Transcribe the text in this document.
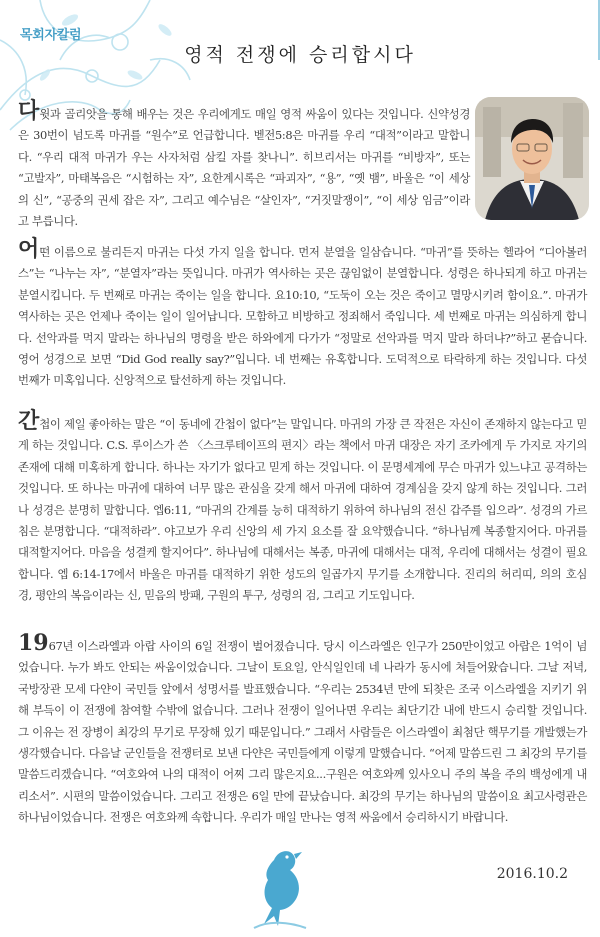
목회자칼럼
영적 전쟁에 승리합시다
다윗과 골리앗을 통해 배우는 것은 우리에게도 매일 영적 싸움이 있다는 것입니다. 신약성경은 30번이 넘도록 마귀를 “원수”로 언급합니다. 벧전5:8은 마귀를 우리 “대적”이라고 말합니다. “우리 대적 마귀가 우는 사자처럼 삼킬 자를 찾나니”. 히브리서는 마귀를 “비방자”, 또는 “고발자”, 마태복음은 “시험하는 자”, 요한계시록은 “파괴자”, “용”, “옛 뱀”, 바울은 “이 세상의 신”, “공중의 권세 잡은 자”, 그리고 예수님은 “살인자”, “거짓말쟁이”, “이 세상 임금”이라고 부릅니다.
어떤 이름으로 불리든지 마귀는 다섯 가지 일을 합니다. 먼저 분열을 일삼습니다. “마귀”를 뜻하는 헬라어 “디아볼러스”는 “나누는 자”, “분열자”라는 뜻입니다. 마귀가 역사하는 곳은 끊임없이 분열합니다. 성령은 하나되게 하고 마귀는 분열시킵니다. 두 번째로 마귀는 죽이는 일을 합니다. 요10:10, “도둑이 오는 것은 죽이고 멸망시키려 함이요.”. 마귀가 역사하는 곳은 언제나 죽이는 일이 일어납니다. 모함하고 비방하고 정죄해서 죽입니다. 세 번째로 마귀는 의심하게 합니다. 선악과를 먹지 말라는 하나님의 명령을 받은 하와에게 다가가 “정말로 선악과를 먹지 말라 하더냐?”하고 묻습니다. 영어 성경으로 보면 “Did God really say?”입니다. 네 번째는 유혹합니다. 도덕적으로 타락하게 하는 것입니다. 다섯 번째가 미혹입니다. 신앙적으로 탈선하게 하는 것입니다.
간첩이 제일 좋아하는 말은 “이 동네에 간첩이 없다”는 말입니다. 마귀의 가장 큰 작전은 자신이 존재하지 않는다고 믿게 하는 것입니다. C.S. 루이스가 쓴 〈스크루테이프의 편지〉라는 책에서 마귀 대장은 자기 조카에게 두 가지로 자기의 존재에 대해 미혹하게 합니다. 하나는 자기가 없다고 믿게 하는 것입니다. 이 문명세계에 무슨 마귀가 있느냐고 공격하는 것입니다. 또 하나는 마귀에 대하여 너무 많은 관심을 갖게 해서 마귀에 대하여 경계심을 갖지 않게 하는 것입니다. 그러나 성경은 분명히 말합니다. 엡6:11, “마귀의 간계를 능히 대적하기 위하여 하나님의 전신 갑주를 입으라”. 성경의 가르침은 분명합니다. “대적하라”. 야고보가 우리 신앙의 세 가지 요소를 잘 요약했습니다. “하나님께 복종할지어다. 마귀를 대적할지어다. 마음을 성결케 할지어다”. 하나님에 대해서는 복종, 마귀에 대해서는 대적, 우리에 대해서는 성결이 필요합니다. 엡 6:14-17에서 바울은 마귀를 대적하기 위한 성도의 일곱가지 무기를 소개합니다. 진리의 허리띠, 의의 호심경, 평안의 복음이라는 신, 믿음의 방패, 구원의 투구, 성령의 검, 그리고 기도입니다.
1967년 이스라엘과 아랍 사이의 6일 전쟁이 벌어졌습니다. 당시 이스라엘은 인구가 250만이었고 아랍은 1억이 넘었습니다. 누가 봐도 안되는 싸움이었습니다. 그날이 토요일, 안식일인데 네 나라가 동시에 쳐들어왔습니다. 그날 저녁, 국방장관 모세 다얀이 국민들 앞에서 성명서를 발표했습니다. “우리는 2534년 만에 되찾은 조국 이스라엘을 지키기 위해 부득이 이 전쟁에 참여할 수밖에 없습니다. 그러나 전쟁이 일어나면 우리는 최단기간 내에 반드시 승리할 것입니다. 그 이유는 전 장병이 최강의 무기로 무장해 있기 때문입니다.” 그래서 사람들은 이스라엘이 최첨단 핵무기를 개발했는가 생각했습니다. 다음날 군인들을 전쟁터로 보낸 다얀은 국민들에게 이렇게 말했습니다. “어제 말씀드린 그 최강의 무기를 말씀드리겠습니다. “여호와여 나의 대적이 어찌 그리 많은지요...구원은 여호와께 있사오니 주의 복을 주의 백성에게 내리소서”. 시편의 말씀이었습니다. 그리고 전쟁은 6일 만에 끝났습니다. 최강의 무기는 하나님의 말씀이요 최고사령관은 하나님이었습니다. 전쟁은 여호와께 속합니다. 우리가 매일 만나는 영적 싸움에서 승리하시기 바랍니다.
2016.10.2
